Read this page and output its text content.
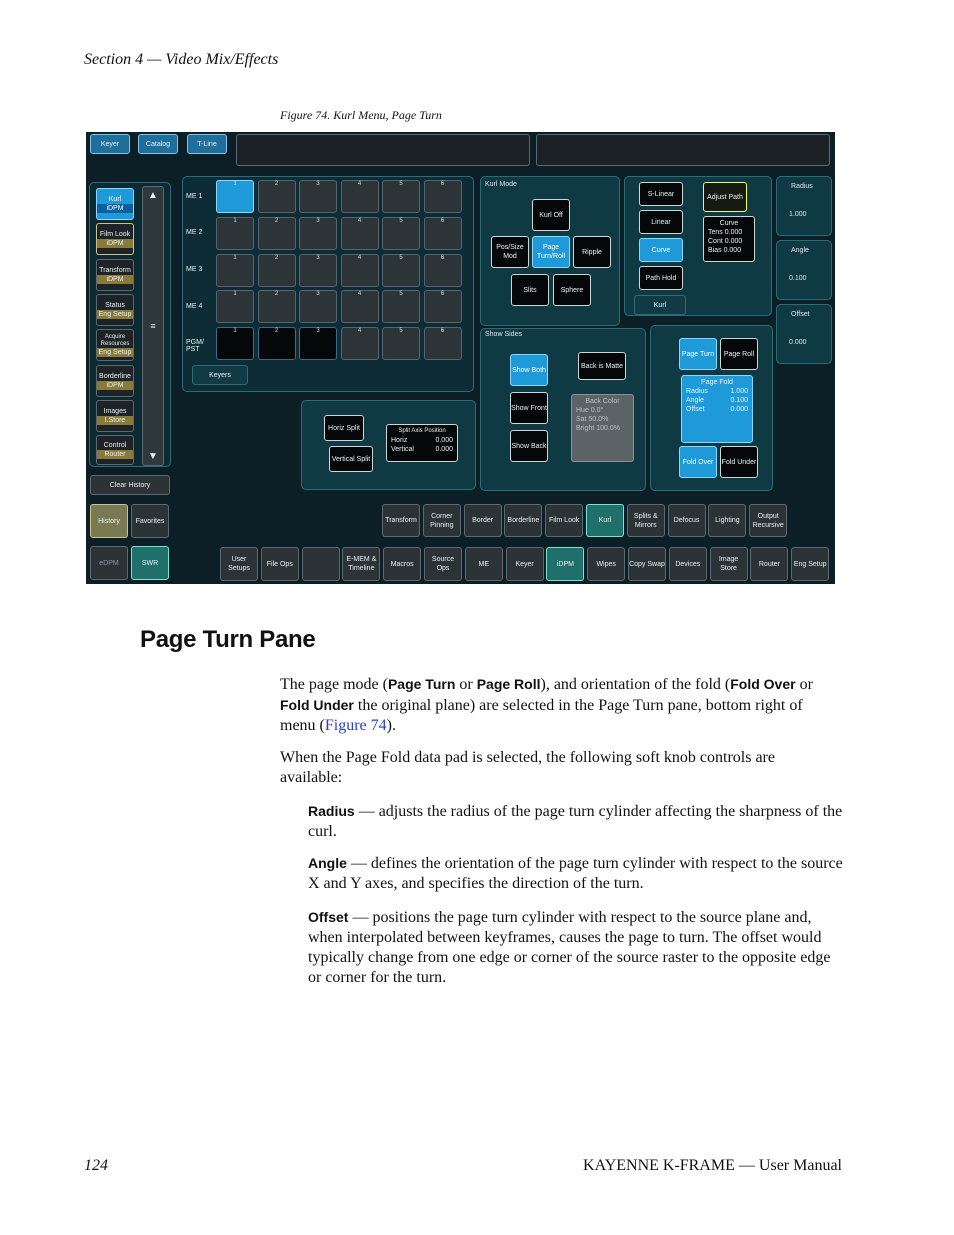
Section 4 — Video Mix/Effects
Figure 74. Kurl Menu, Page Turn
Keyer	Catalog	T-Line
Kurl
iDPM
Film Look
iDPM
Transform
iDPM
Status
Eng Setup
Acquire Resources
Eng Setup
Borderline
iDPM
Images
I.Store
Control
Router
▲
≡
▼
Clear History
History	Favorites
eDPM	SWR
ME 1
ME 2
ME 3
ME 4
PGM/ PST
1	2	3	4	5	6
1	2	3	4	5	6
1	2	3	4	5	6
1	2	3	4	5	6
1	2	3	4	5	6
Keyers
Kurl Mode
Kurl Off
Pos/Size Mod
Page Turn/Roll
Ripple
Slits	Sphere
S-Linear
Linear
Curve
Path Hold
Adjust Path
Curve
Tens 0.000
Cont 0.000
Bias 0.000
Kurl
Radius
1.000
Angle
0.100
Offset
0.000
Show Sides
Show Both
Show Front
Show Back
Back is Matte
Back Color
Hue 0.0°
Sat 50.0%
Bright 100.0%
Horiz Split
Vertical Split
Split Axis Position
Horiz	0.000
Vertical	0.000
Page Turn	Page Roll
Page Fold
Radius	1.000
Angle	0.100
Offset	0.000
Fold Over	Fold Under
Transform
Corner Pinning
Border	Borderline	Film Look	Kurl
Splits & Mirrors
Defocus	Lighting
Output Recursive
User Setups
File Ops
E-MEM & Timeline
Macros
Source Ops
ME	Keyer	iDPM	Wipes	Copy Swap	Devices
Image Store
Router	Eng Setup
Page Turn Pane

The page mode (Page Turn or Page Roll), and orientation of the fold (Fold Over or Fold Under the original plane) are selected in the Page Turn pane, bottom right of menu (Figure 74).

When the Page Fold data pad is selected, the following soft knob controls are available:

Radius — adjusts the radius of the page turn cylinder affecting the sharpness of the curl.

Angle — defines the orientation of the page turn cylinder with respect to the source X and Y axes, and specifies the direction of the turn.

Offset — positions the page turn cylinder with respect to the source plane and, when interpolated between keyframes, causes the page to turn. The offset would typically change from one edge or corner of the source raster to the opposite edge or corner for the turn.

124	KAYENNE K-FRAME — User Manual
